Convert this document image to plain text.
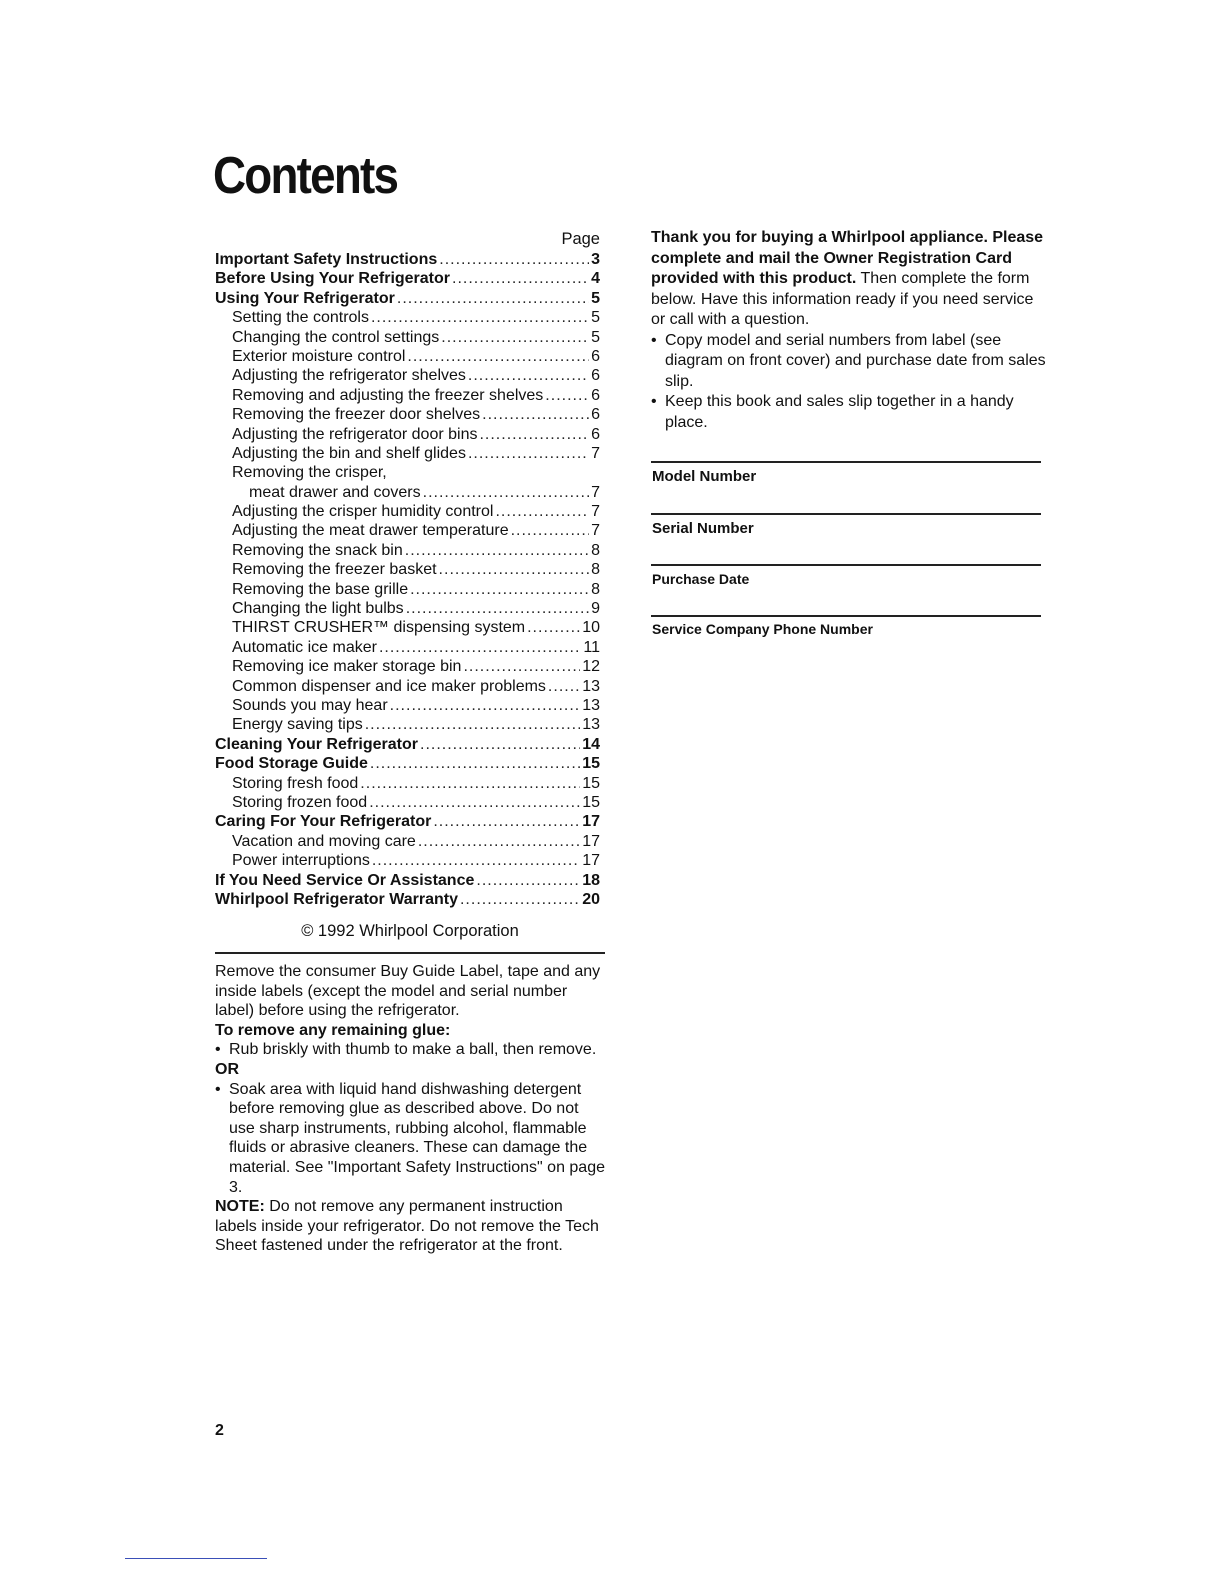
Contents
Page
Important Safety Instructions .....	3
Before Using Your Refrigerator .....	4
Using Your Refrigerator .....	5
Setting the controls .....	5
Changing the control settings .....	5
Exterior moisture control .....	6
Adjusting the refrigerator shelves .....	6
Removing and adjusting the freezer shelves .....	6
Removing the freezer door shelves .....	6
Adjusting the refrigerator door bins .....	6
Adjusting the bin and shelf glides .....	7
Removing the crisper,
meat drawer and covers .....	7
Adjusting the crisper humidity control .....	7
Adjusting the meat drawer temperature .....	7
Removing the snack bin .....	8
Removing the freezer basket .....	8
Removing the base grille .....	8
Changing the light bulbs .....	9
THIRST CRUSHER™ dispensing system .....	10
Automatic ice maker .....	11
Removing ice maker storage bin .....	12
Common dispenser and ice maker problems ..... 13
Sounds you may hear .....	13
Energy saving tips .....	13
Cleaning Your Refrigerator .....	14
Food Storage Guide .....	15
Storing fresh food .....	15
Storing frozen food .....	15
Caring For Your Refrigerator .....	17
Vacation and moving care .....	17
Power interruptions .....	17
If You Need Service Or Assistance .....	18
Whirlpool Refrigerator Warranty .....	20
© 1992 Whirlpool Corporation

Remove the consumer Buy Guide Label, tape and any inside labels (except the model and serial number label) before using the refrigerator.

To remove any remaining glue:

• Rub briskly with thumb to make a ball, then remove.

OR

• Soak area with liquid hand dishwashing detergent before removing glue as described above. Do not use sharp instruments, rubbing alcohol, flammable fluids or abrasive cleaners. These can damage the material. See "Important Safety Instructions" on page 3.

NOTE: Do not remove any permanent instruction labels inside your refrigerator. Do not remove the Tech Sheet fastened under the refrigerator at the front.

Thank you for buying a Whirlpool appliance. Please complete and mail the Owner Registration Card provided with this product. Then complete the form below. Have this information ready if you need service or call with a question.

• Copy model and serial numbers from label (see diagram on front cover) and purchase date from sales slip.
• Keep this book and sales slip together in a handy place.
Model Number
Serial Number
Purchase Date
Service Company Phone Number
2
